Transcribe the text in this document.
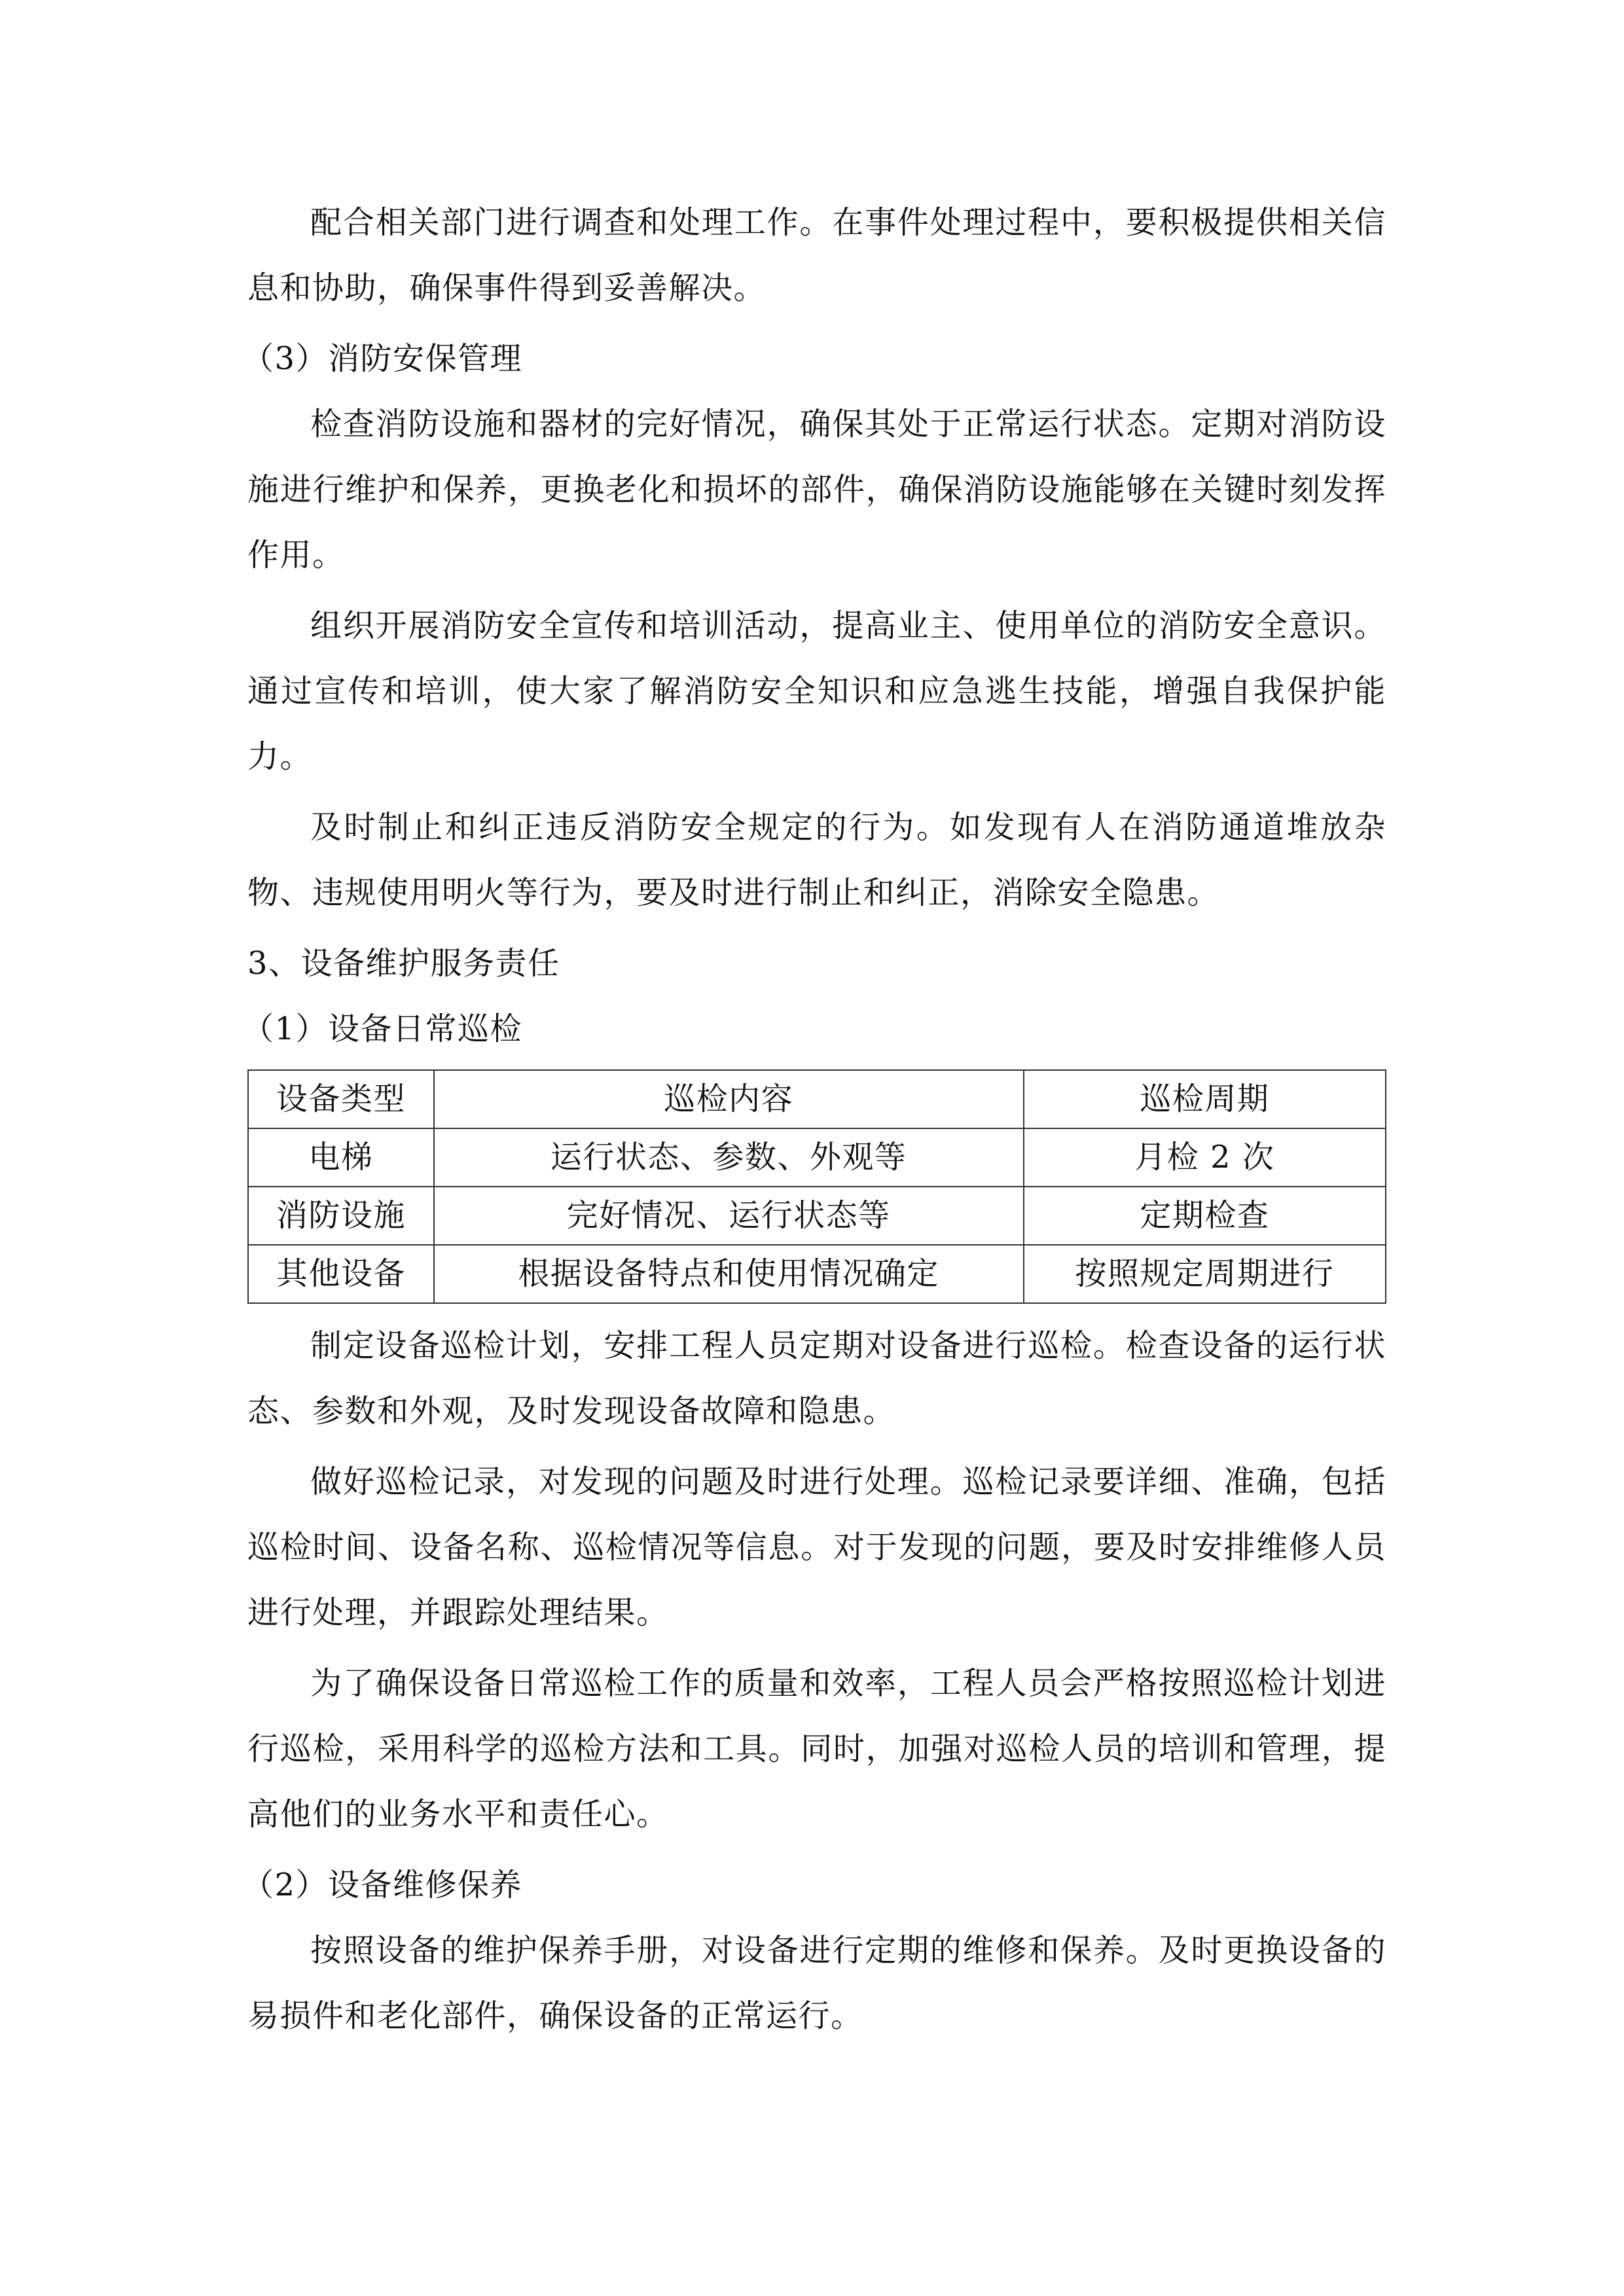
配合相关部门进行调查和处理工作。在事件处理过程中，要积极提供相关信息和协助，确保事件得到妥善解决。

（3）消防安保管理

检查消防设施和器材的完好情况，确保其处于正常运行状态。定期对消防设施进行维护和保养，更换老化和损坏的部件，确保消防设施能够在关键时刻发挥作用。

组织开展消防安全宣传和培训活动，提高业主、使用单位的消防安全意识。通过宣传和培训，使大家了解消防安全知识和应急逃生技能，增强自我保护能力。

及时制止和纠正违反消防安全规定的行为。如发现有人在消防通道堆放杂物、违规使用明火等行为，要及时进行制止和纠正，消除安全隐患。

3、设备维护服务责任

（1）设备日常巡检

设备类型	巡检内容	巡检周期
电梯	运行状态、参数、外观等	月检 2 次
消防设施	完好情况、运行状态等	定期检查
其他设备	根据设备特点和使用情况确定	按照规定周期进行

制定设备巡检计划，安排工程人员定期对设备进行巡检。检查设备的运行状态、参数和外观，及时发现设备故障和隐患。

做好巡检记录，对发现的问题及时进行处理。巡检记录要详细、准确，包括巡检时间、设备名称、巡检情况等信息。对于发现的问题，要及时安排维修人员进行处理，并跟踪处理结果。

为了确保设备日常巡检工作的质量和效率，工程人员会严格按照巡检计划进行巡检，采用科学的巡检方法和工具。同时，加强对巡检人员的培训和管理，提高他们的业务水平和责任心。

（2）设备维修保养

按照设备的维护保养手册，对设备进行定期的维修和保养。及时更换设备的易损件和老化部件，确保设备的正常运行。
